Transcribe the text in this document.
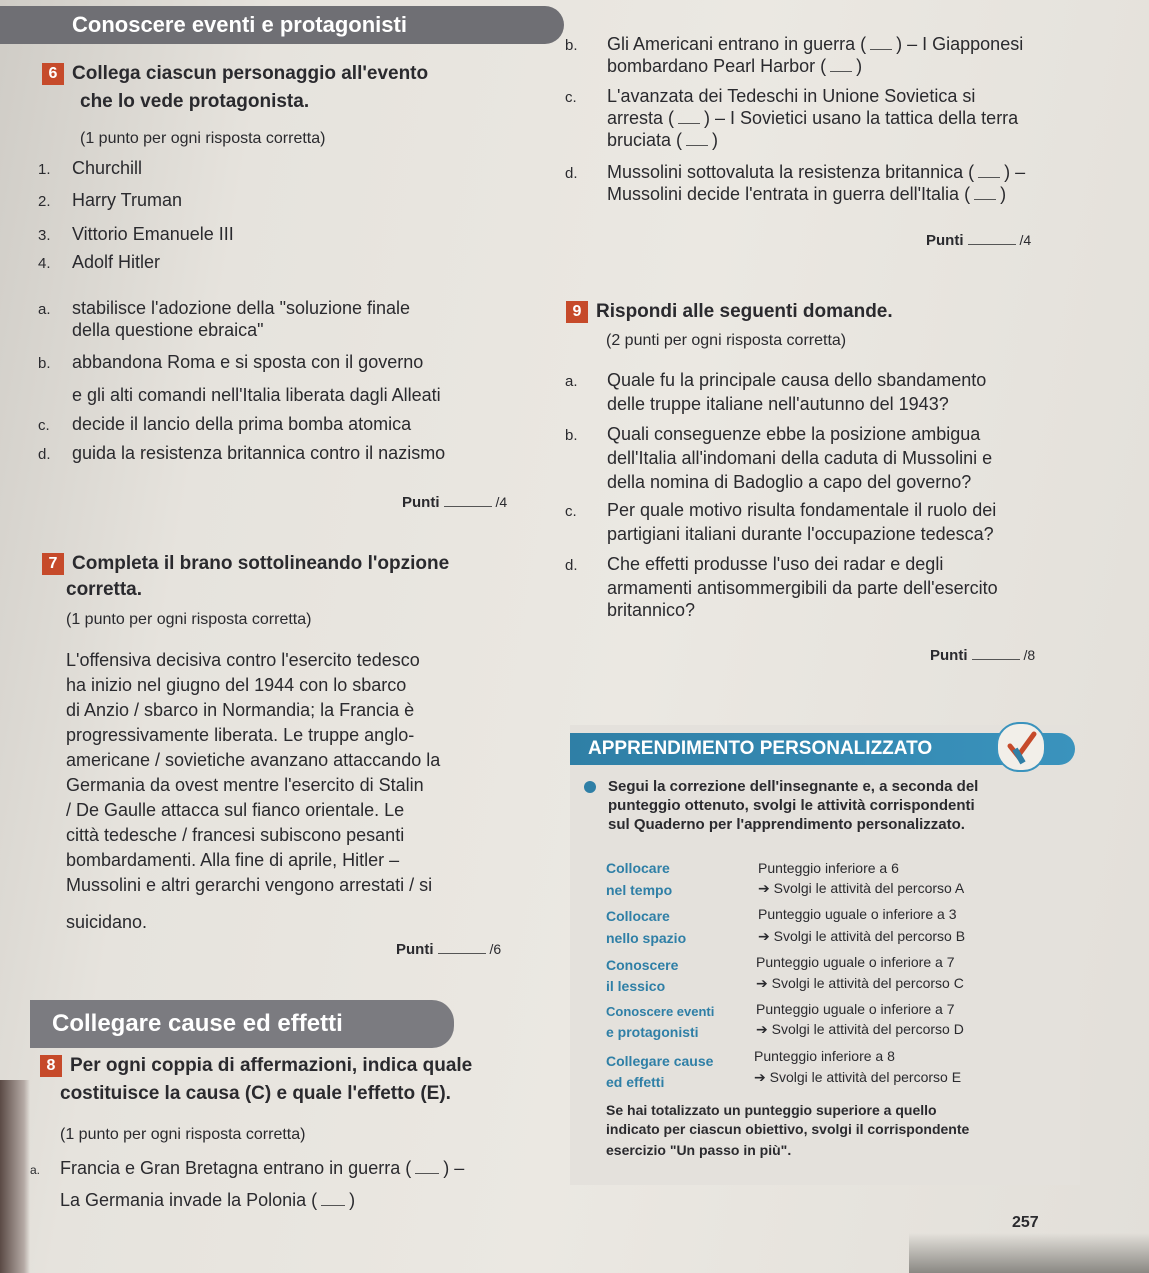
Conoscere eventi e protagonisti
6 Collega ciascun personaggio all'evento
che lo vede protagonista.
(1 punto per ogni risposta corretta)
1. Churchill
2. Harry Truman
3. Vittorio Emanuele III
4. Adolf Hitler
a. stabilisce l'adozione della "soluzione finale
della questione ebraica"
b. abbandona Roma e si sposta con il governo
e gli alti comandi nell'Italia liberata dagli Alleati
c. decide il lancio della prima bomba atomica
d. guida la resistenza britannica contro il nazismo
Punti	/4
7 Completa il brano sottolineando l'opzione
corretta.
(1 punto per ogni risposta corretta)
L'offensiva decisiva contro l'esercito tedesco
ha inizio nel giugno del 1944 con lo sbarco
di Anzio / sbarco in Normandia; la Francia è
progressivamente liberata. Le truppe anglo-
americane / sovietiche avanzano attaccando la
Germania da ovest mentre l'esercito di Stalin
/ De Gaulle attacca sul fianco orientale. Le
città tedesche / francesi subiscono pesanti
bombardamenti. Alla fine di aprile, Hitler –
Mussolini e altri gerarchi vengono arrestati / si
suicidano.
Punti	/6
Collegare cause ed effetti
8 Per ogni coppia di affermazioni, indica quale
costituisce la causa (C) e quale l'effetto (E).
(1 punto per ogni risposta corretta)
a. Francia e Gran Bretagna entrano in guerra ( ) –
La Germania invade la Polonia ( )
b. Gli Americani entrano in guerra ( ) – I Giapponesi
bombardano Pearl Harbor ( )
c. L'avanzata dei Tedeschi in Unione Sovietica si
arresta ( ) – I Sovietici usano la tattica della terra
bruciata ( )
d. Mussolini sottovaluta la resistenza britannica ( ) –
Mussolini decide l'entrata in guerra dell'Italia ( )
Punti	/4
9 Rispondi alle seguenti domande.
(2 punti per ogni risposta corretta)
a. Quale fu la principale causa dello sbandamento
delle truppe italiane nell'autunno del 1943?
b. Quali conseguenze ebbe la posizione ambigua
dell'Italia all'indomani della caduta di Mussolini e
della nomina di Badoglio a capo del governo?
c. Per quale motivo risulta fondamentale il ruolo dei
partigiani italiani durante l'occupazione tedesca?
d. Che effetti produsse l'uso dei radar e degli
armamenti antisommergibili da parte dell'esercito
britannico?
Punti	/8
APPRENDIMENTO PERSONALIZZATO
Segui la correzione dell'insegnante e, a seconda del
punteggio ottenuto, svolgi le attività corrispondenti
sul Quaderno per l'apprendimento personalizzato.
Collocare
nel tempo
Punteggio inferiore a 6
➔ Svolgi le attività del percorso A
Collocare
nello spazio
Punteggio uguale o inferiore a 3
➔ Svolgi le attività del percorso B
Conoscere
il lessico
Punteggio uguale o inferiore a 7
➔ Svolgi le attività del percorso C
Conoscere eventi
e protagonisti
Punteggio uguale o inferiore a 7
➔ Svolgi le attività del percorso D
Collegare cause
ed effetti
Punteggio inferiore a 8
➔ Svolgi le attività del percorso E
Se hai totalizzato un punteggio superiore a quello
indicato per ciascun obiettivo, svolgi il corrispondente
esercizio "Un passo in più".
257
